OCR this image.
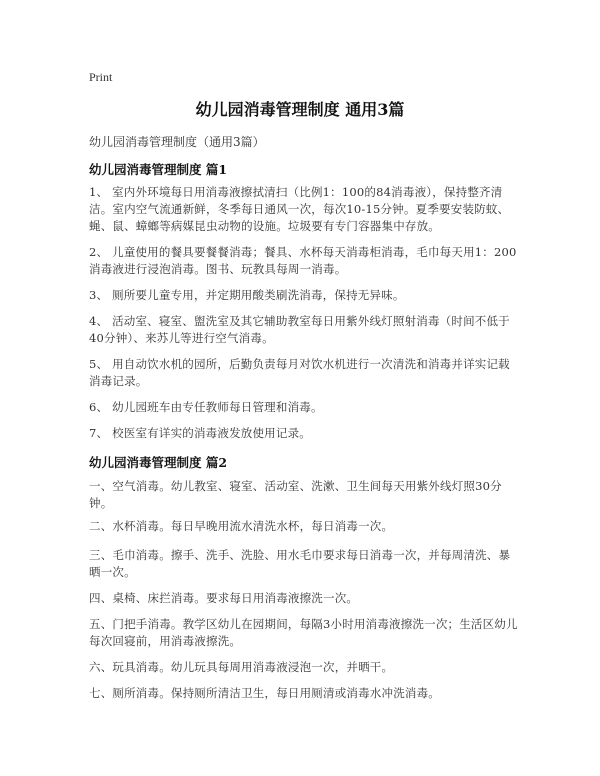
Print
幼儿园消毒管理制度 通用3篇
幼儿园消毒管理制度（通用3篇）
幼儿园消毒管理制度 篇1

1、 室内外环境每日用消毒液擦拭清扫（比例1：100的84消毒液），保持整齐清洁。室内空气流通新鲜，冬季每日通风一次，每次10-15分钟。夏季要安装防蚊、蝇、鼠、蟑螂等病媒昆虫动物的设施。垃圾要有专门容器集中存放。

2、 儿童使用的餐具要餐餐消毒；餐具、水杯每天消毒柜消毒，毛巾每天用1：200消毒液进行浸泡消毒。图书、玩教具每周一消毒。

3、 厕所要儿童专用，并定期用酸类刷洗消毒，保持无异味。

4、 活动室、寝室、盥洗室及其它辅助教室每日用紫外线灯照射消毒（时间不低于40分钟）、来苏儿等进行空气消毒。

5、 用自动饮水机的园所，后勤负责每月对饮水机进行一次清洗和消毒并详实记载消毒记录。

6、 幼儿园班车由专任教师每日管理和消毒。

7、 校医室有详实的消毒液发放使用记录。

幼儿园消毒管理制度 篇2

一、空气消毒。幼儿教室、寝室、活动室、洗漱、卫生间每天用紫外线灯照30分钟。

二、水杯消毒。每日早晚用流水清洗水杯，每日消毒一次。

三、毛巾消毒。擦手、洗手、洗脸、用水毛巾要求每日消毒一次，并每周清洗、暴晒一次。

四、桌椅、床拦消毒。要求每日用消毒液擦洗一次。

五、门把手消毒。教学区幼儿在园期间，每隔3小时用消毒液擦洗一次；生活区幼儿每次回寝前，用消毒液擦洗。

六、玩具消毒。幼儿玩具每周用消毒液浸泡一次，并晒干。

七、厕所消毒。保持厕所清洁卫生，每日用厕清或消毒水冲洗消毒。
